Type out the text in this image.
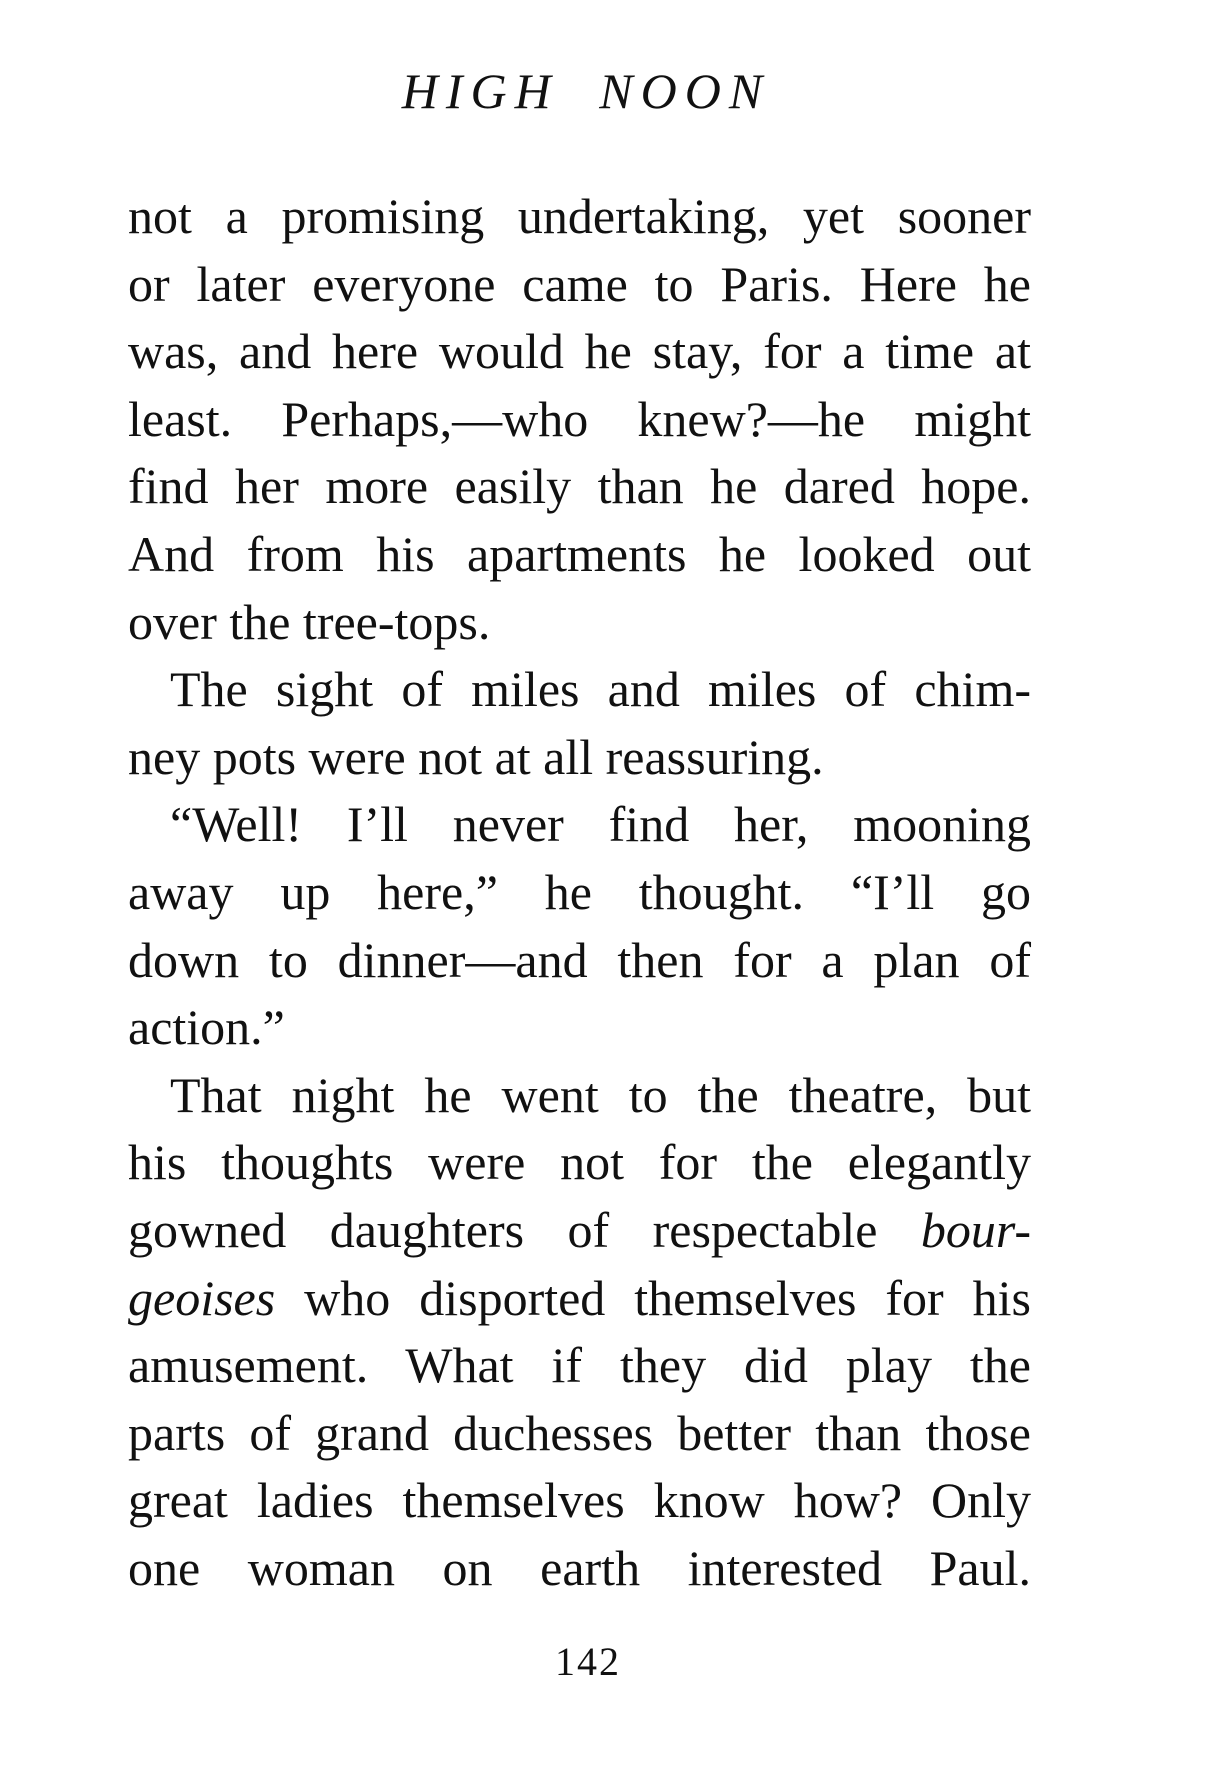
HIGH NOON
not a promising undertaking, yet sooner
or later everyone came to Paris. Here he
was, and here would he stay, for a time at
least. Perhaps,—who knew?—he might
find her more easily than he dared hope.
And from his apartments he looked out
over the tree-tops.
The sight of miles and miles of chim-
ney pots were not at all reassuring.
“Well! I’ll never find her, mooning
away up here,” he thought. “I’ll go
down to dinner—and then for a plan of
action.”
That night he went to the theatre, but
his thoughts were not for the elegantly
gowned daughters of respectable bour-
geoises who disported themselves for his
amusement. What if they did play the
parts of grand duchesses better than those
great ladies themselves know how? Only
one woman on earth interested Paul.
142
